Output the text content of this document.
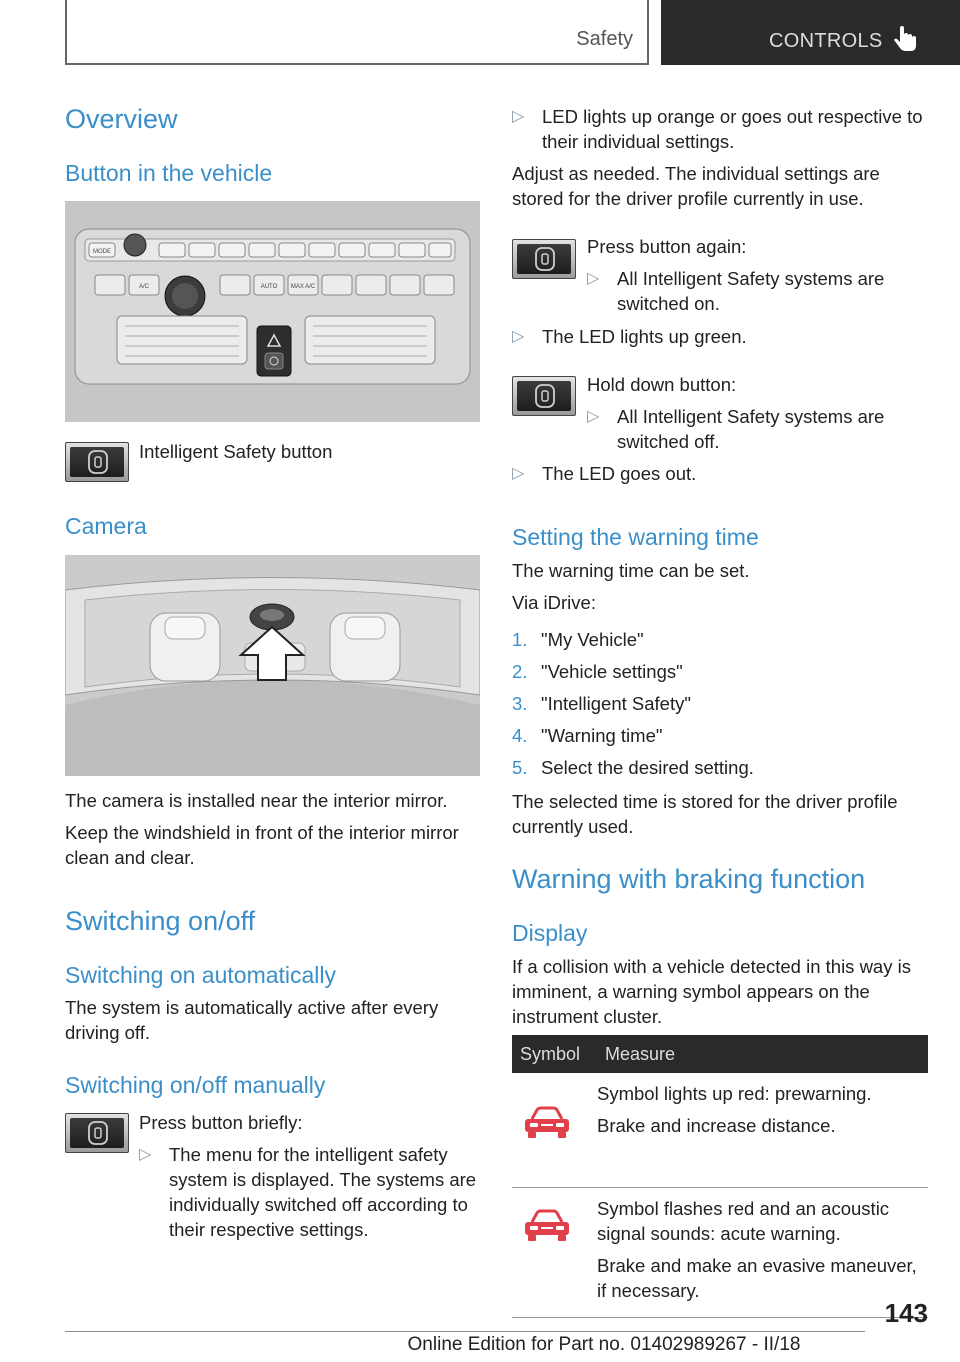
Safety	CONTROLS
Overview
Button in the vehicle
MODE
A/C	AUTO MAX A/C

Intelligent Safety button

Camera

The camera is installed near the interior mirror.

Keep the windshield in front of the interior mirror clean and clear.

Switching on/off
Switching on automatically

The system is automatically active after every driving off.

Switching on/off manually

Press button briefly:

▷ The menu for the intelligent safety system is displayed. The systems are individually switched off according to their respective settings.
▷ LED lights up orange or goes out respective to their individual settings.

Adjust as needed. The individual settings are stored for the driver profile currently in use.

Press button again:

▷ All Intelligent Safety systems are switched on.
▷ The LED lights up green.

Hold down button:

▷ All Intelligent Safety systems are switched off.
▷ The LED goes out.
Setting the warning time

The warning time can be set.

Via iDrive:

1. "My Vehicle"
2. "Vehicle settings"
3. "Intelligent Safety"
4. "Warning time"
5. Select the desired setting.

The selected time is stored for the driver profile currently used.

Warning with braking function
Display

If a collision with a vehicle detected in this way is imminent, a warning symbol appears on the instrument cluster.

Symbol	Measure

Symbol lights up red: prewarning.
Brake and increase distance.

Symbol flashes red and an acoustic signal sounds: acute warning.
Brake and make an evasive maneuver, if necessary.
143
Online Edition for Part no. 01402989267 - II/18
